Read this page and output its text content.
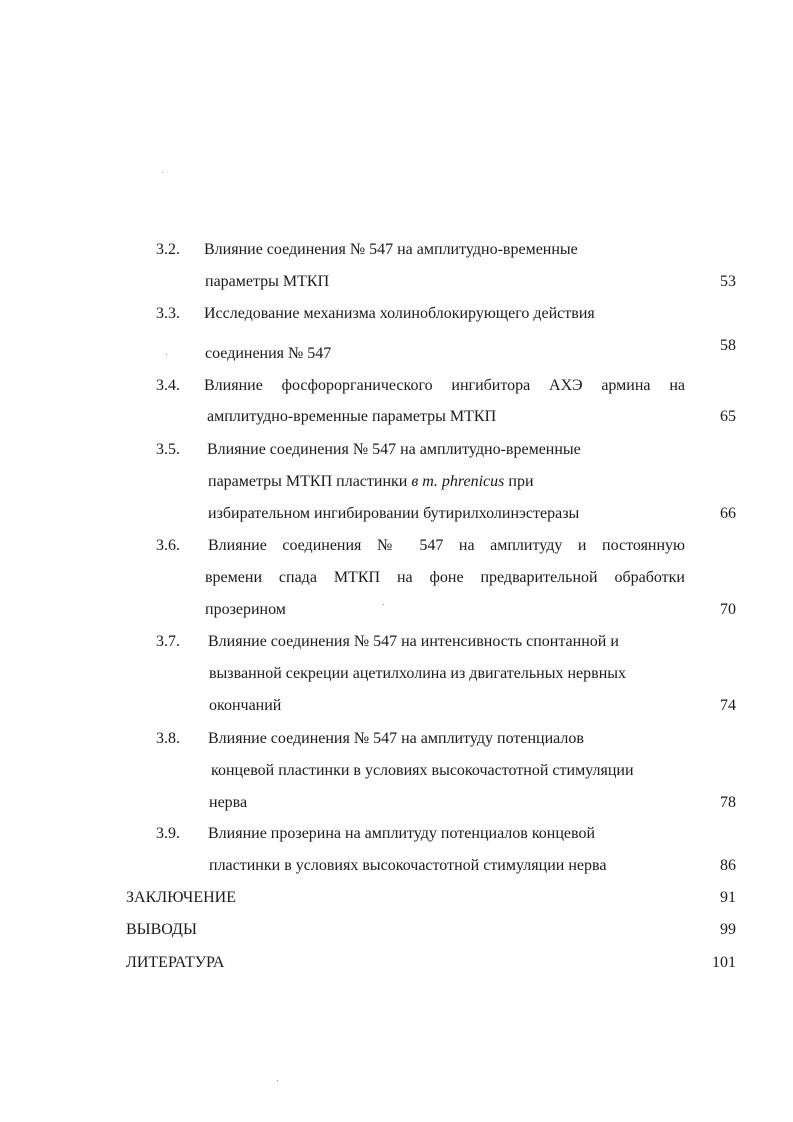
3.2. Влияние соединения № 547 на амплитудно-временные
параметры МТКП	53
3.3. Исследование механизма холиноблокирующего действия
соединения № 547	58
3.4. Влияние фосфорорганического ингибитора АХЭ армина на
амплитудно-временные параметры МТКП	65
3.5. Влияние соединения № 547 на амплитудно-временные
параметры МТКП пластинки в m. phrenicus при
избирательном ингибировании бутирилхолинэстеразы	66
3.6. Влияние соединения № 547 на амплитуду и постоянную
времени спада МТКП на фоне предварительной обработки
прозерином	70
3.7. Влияние соединения № 547 на интенсивность спонтанной и
вызванной секреции ацетилхолина из двигательных нервных
окончаний	74
3.8. Влияние соединения № 547 на амплитуду потенциалов
концевой пластинки в условиях высокочастотной стимуляции
нерва	78
3.9. Влияние прозерина на амплитуду потенциалов концевой
пластинки в условиях высокочастотной стимуляции нерва	86
ЗАКЛЮЧЕНИЕ	91
ВЫВОДЫ	99
ЛИТЕРАТУРА	101
